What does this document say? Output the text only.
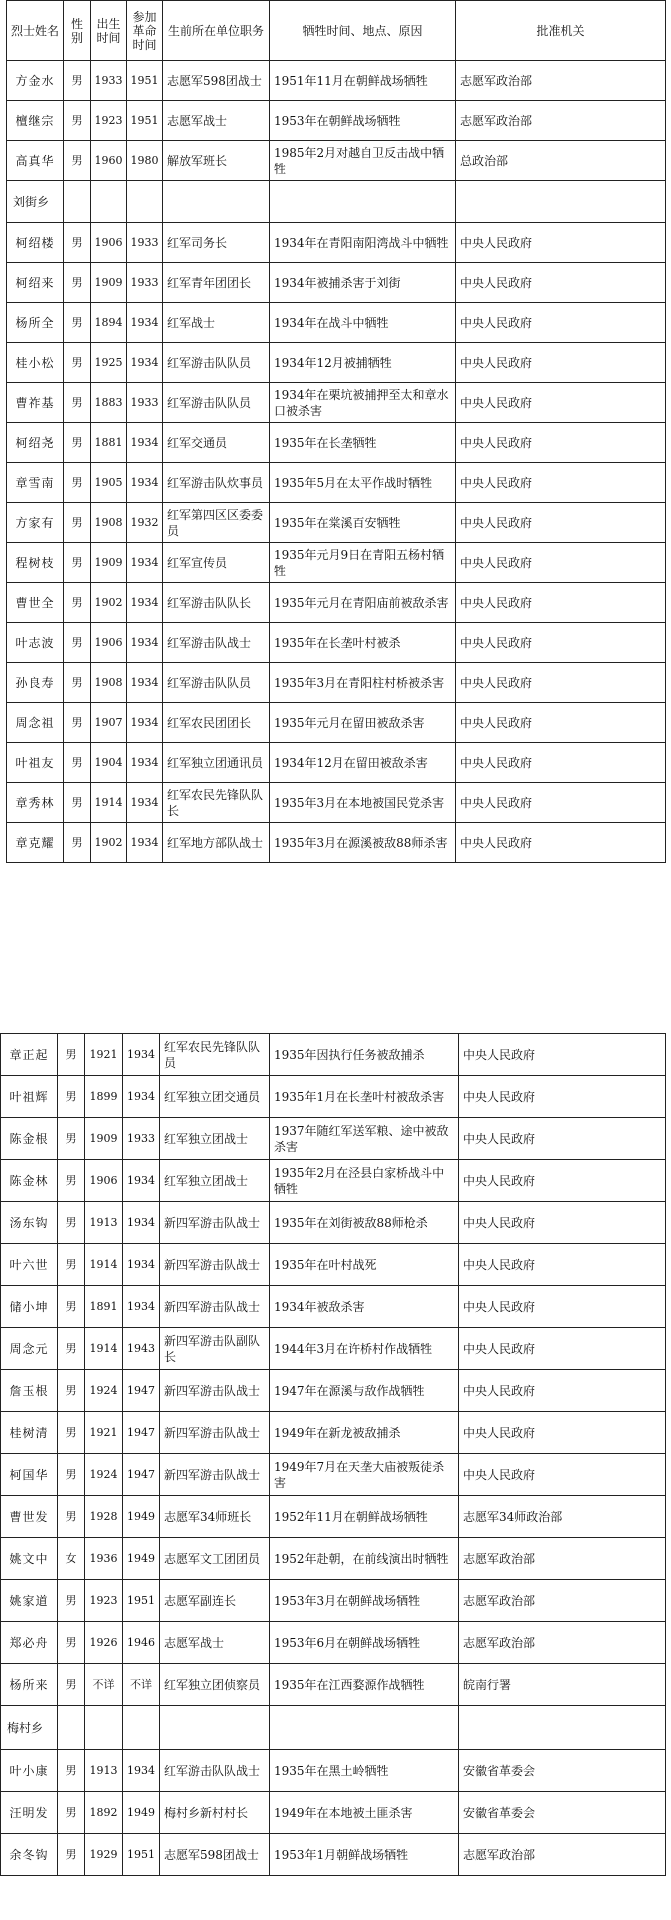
烈士姓名	性别	出生时间	参加革命时间	生前所在单位职务	牺牲时间、地点、原因	批准机关
方金水	男	1933	1951	志愿军598团战士	1951年11月在朝鲜战场牺牲	志愿军政治部
檀继宗	男	1923	1951	志愿军战士	1953年在朝鲜战场牺牲	志愿军政治部
高真华	男	1960	1980	解放军班长	1985年2月对越自卫反击战中牺牲	总政治部
刘街乡						
柯绍楼	男	1906	1933	红军司务长	1934年在青阳南阳湾战斗中牺牲	中央人民政府
柯绍来	男	1909	1933	红军青年团团长	1934年被捕杀害于刘街	中央人民政府
杨所全	男	1894	1934	红军战士	1934年在战斗中牺牲	中央人民政府
桂小松	男	1925	1934	红军游击队队员	1934年12月被捕牺牲	中央人民政府
曹祚基	男	1883	1933	红军游击队队员	1934年在栗坑被捕押至太和章水口被杀害	中央人民政府
柯绍尧	男	1881	1934	红军交通员	1935年在长垄牺牲	中央人民政府
章雪南	男	1905	1934	红军游击队炊事员	1935年5月在太平作战时牺牲	中央人民政府
方家有	男	1908	1932	红军第四区区委委员	1935年在棠溪百安牺牲	中央人民政府
程树枝	男	1909	1934	红军宣传员	1935年元月9日在青阳五杨村牺牲	中央人民政府
曹世全	男	1902	1934	红军游击队队长	1935年元月在青阳庙前被敌杀害	中央人民政府
叶志波	男	1906	1934	红军游击队战士	1935年在长垄叶村被杀	中央人民政府
孙良寿	男	1908	1934	红军游击队队员	1935年3月在青阳柱村桥被杀害	中央人民政府
周念祖	男	1907	1934	红军农民团团长	1935年元月在留田被敌杀害	中央人民政府
叶祖友	男	1904	1934	红军独立团通讯员	1934年12月在留田被敌杀害	中央人民政府
章秀林	男	1914	1934	红军农民先锋队队长	1935年3月在本地被国民党杀害	中央人民政府
章克耀	男	1902	1934	红军地方部队战士	1935年3月在源溪被敌88师杀害	中央人民政府
章正起	男	1921	1934	红军农民先锋队队员	1935年因执行任务被敌捕杀	中央人民政府
叶祖辉	男	1899	1934	红军独立团交通员	1935年1月在长垄叶村被敌杀害	中央人民政府
陈金根	男	1909	1933	红军独立团战士	1937年随红军送军粮、途中被敌杀害	中央人民政府
陈金林	男	1906	1934	红军独立团战士	1935年2月在泾县白家桥战斗中牺牲	中央人民政府
汤东钩	男	1913	1934	新四军游击队战士	1935年在刘街被敌88师枪杀	中央人民政府
叶六世	男	1914	1934	新四军游击队战士	1935年在叶村战死	中央人民政府
储小坤	男	1891	1934	新四军游击队战士	1934年被敌杀害	中央人民政府
周念元	男	1914	1943	新四军游击队副队长	1944年3月在许桥村作战牺牲	中央人民政府
詹玉根	男	1924	1947	新四军游击队战士	1947年在源溪与敌作战牺牲	中央人民政府
桂树清	男	1921	1947	新四军游击队战士	1949年在新龙被敌捕杀	中央人民政府
柯国华	男	1924	1947	新四军游击队战士	1949年7月在天垄大庙被叛徒杀害	中央人民政府
曹世发	男	1928	1949	志愿军34师班长	1952年11月在朝鲜战场牺牲	志愿军34师政治部
姚文中	女	1936	1949	志愿军文工团团员	1952年赴朝，在前线演出时牺牲	志愿军政治部
姚家道	男	1923	1951	志愿军副连长	1953年3月在朝鲜战场牺牲	志愿军政治部
郑必舟	男	1926	1946	志愿军战士	1953年6月在朝鲜战场牺牲	志愿军政治部
杨所来	男	不详	不详	红军独立团侦察员	1935年在江西婺源作战牺牲	皖南行署
梅村乡						
叶小康	男	1913	1934	红军游击队队战士	1935年在黑土岭牺牲	安徽省革委会
汪明发	男	1892	1949	梅村乡新村村长	1949年在本地被土匪杀害	安徽省革委会
余冬钩	男	1929	1951	志愿军598团战士	1953年1月朝鲜战场牺牲	志愿军政治部
